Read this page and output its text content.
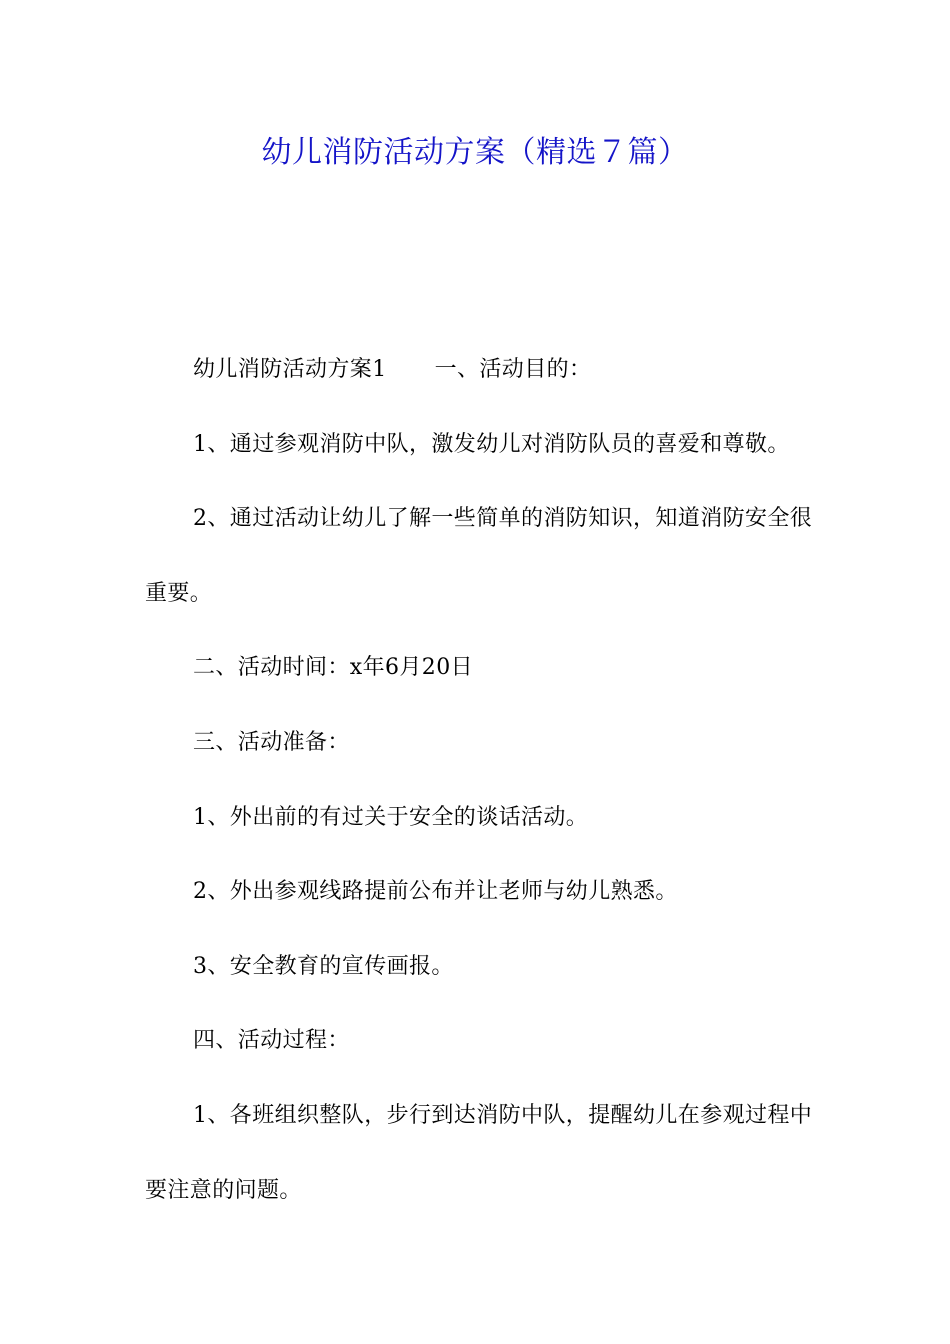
幼儿消防活动方案（精选７篇）

幼儿消防活动方案1 一、活动目的：

1、通过参观消防中队，激发幼儿对消防队员的喜爱和尊敬。

2、通过活动让幼儿了解一些简单的消防知识，知道消防安全很重要。

二、活动时间：x年6月20日

三、活动准备：

1、外出前的有过关于安全的谈话活动。

2、外出参观线路提前公布并让老师与幼儿熟悉。

3、安全教育的宣传画报。

四、活动过程：

1、各班组织整队，步行到达消防中队，提醒幼儿在参观过程中要注意的问题。
